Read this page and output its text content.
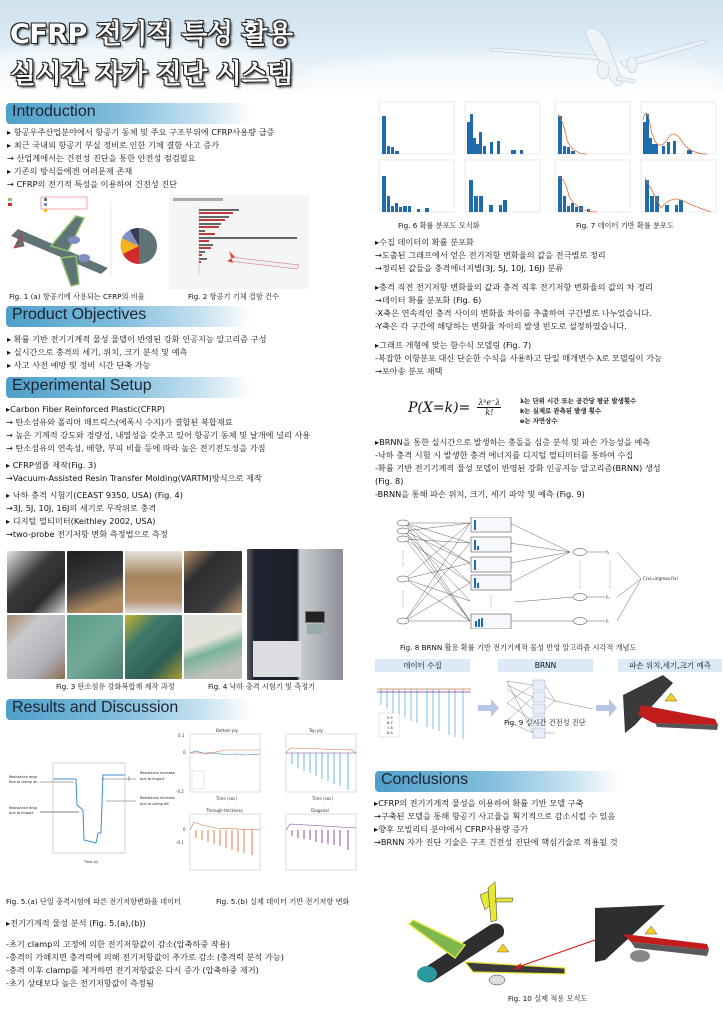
CFRP 전기적 특성 활용
실시간 자가 진단 시스템
Introduction
▸ 항공우주산업분야에서 항공기 동체 및 주요 구조부위에 CFRP사용량 급증
▸ 최근 국내외 항공기 부실 정비로 인한 기체 결함 사고 증가
→ 산업계에서는 건전성 진단을 통한 안전성 점검필요
▸ 기존의 방식들에겐 여러문제 존재
→ CFRP의 전기적 특성을 이용하여 건전성 진단
Fig. 1 (a) 항공기에 사용되는 CFRP의 비율	Fig. 2 항공기 기체 결함 건수
Product Objectives
▸ 확률 기반 전기기계적 물성 물델이 반영된 강화 인공지능 알고리즘 구성
▸ 실시간으로 충격의 세기, 위치, 크기 분석 및 예측
▸ 사고 사전 예방 및 정비 시간 단축 가능
Experimental Setup
▸Carbon Fiber Reinforced Plastic(CFRP)
→ 탄소섬유와 폴리머 매트릭스(에폭시 수지)가 결합된 복합재료
→ 높은 기계적 강도와 경량성, 내열성을 갖추고 있어 항공기 동체 및 날개에 널리 사용
→ 탄소섬유의 연속성, 배향, 부피 비율 등에 따라 높은 전기전도성을 가짐
▸ CFRP샘플 제작(Fig. 3)
→Vacuum-Assisted Resin Transfer Molding(VARTM)방식으로 제작
▸ 낙하 충격 시험기(CEAST 9350, USA) (Fig. 4)
→3J, 5J, 10J, 16J의 세기로 무작위로 충격
▸ 디지털 멀티미터(Keithley 2002, USA)
→two-probe 전기저항 변화 측정법으로 측정
Fig. 3 탄소섬유 강화복합재 제작 과정	Fig. 4 낙하 충격 시험기 및 측정기
Results and Discussion
Resistance drop
due to clamp on
Resistance drop
due to impact
Resistance increase
due to impact
Resistance increase
due to clamp off
Time (s)
Bottom ply
0.1
0
-0.2
Time (sec)
Top ply
Time (sec)
Through-thickness
0
-0.1
Diagonal
Fig. 5.(a) 단일 충격시험에 따른 전기저항변화율 데이터	Fig. 5.(b) 실제 데이터 기반 전기저항 변화
▸전기기계적 물성 분석 (Fig. 5.(a),(b))
-초기 clamp의 고정에 의한 전기저항값이 감소(압축하중 작용)
-충격이 가해지면 충격력에 의해 전기저항값이 추가로 감소 (충격력 분석 가능)
-충격 이후 clamp를 제거하면 전기저항값은 다시 증가 (압축하중 제거)
-초기 상태보다 높은 전기저항값이 측정됨
Fig. 6 확률 분포도 모식화	Fig. 7 데이터 기반 확률 분포도
▸수집 데이터의 확률 분포화
→도출된 그래프에서 얻은 전기저항 변화율의 값을 전극별로 정리
→정리된 값들을 충격에너지별(3J, 5J, 10J, 16J) 분류
▸충격 직전 전기저항 변화율의 값과 충격 직후 전기저항 변화율의 값의 차 정리
→데이터 확률 분포화 (Fig. 6)
-X축은 연속적인 충격 사이의 변화율 차이를 추출하여 구간별로 나누었습니다.
-Y축은 각 구간에 해당하는 변화율 차이의 발생 빈도로 설정하였습니다.
▸그래프 개형에 맞는 함수식 모델링 (Fig. 7)
-복잡한 이항분포 대신 단순한 수식을 사용하고 단일 매개변수 λ로 모델링이 가능
→포아송 분포 채택
P(X=k)= λᵏe⁻λ
k!
λ는 단위 시간 또는 공간당 평균 발생횟수
k는 실제로 관측된 발생 횟수
e는 자연상수
▸BRNN을 통한 실시간으로 발생하는 충돌을 심층 분석 및 파손 가능성을 예측
-낙하 충격 시험 시 발생한 충격 에너지를 디지털 멀티미터를 통하여 수집
-확률 기반 전기기계적 물성 모델이 반영된 강화 인공지능 알고리즘(BRNN) 생성
(Fig. 8)
-BRNN을 통해 파손 위치, 크기, 세기 파악 및 예측 (Fig. 9)
f₁
fₘ
fₙ
C(x)=argmax f(x)
Fig. 8 BRNN 활용 확률 기반 전기기계적 물성 반영 알고리즘 시각적 개념도
데이터 수집	BRNN	파손 위치,세기,크기 예측
5-5
6-7
7-8
8-5
Fig. 9 실시간 건전성 진단
Conclusions
▸CFRP의 전기기계적 물성을 이용하여 확률 기반 모델 구축
→구축된 모델을 통해 항공기 사고율을 획기적으로 감소시킬 수 있음
▸향후 모빌리티 분야에서 CFRP사용량 증가
→BRNN 자가 진단 기술은 구조 건전성 진단에 핵심기술로 적용될 것
Fig. 10 실제 적용 모식도
